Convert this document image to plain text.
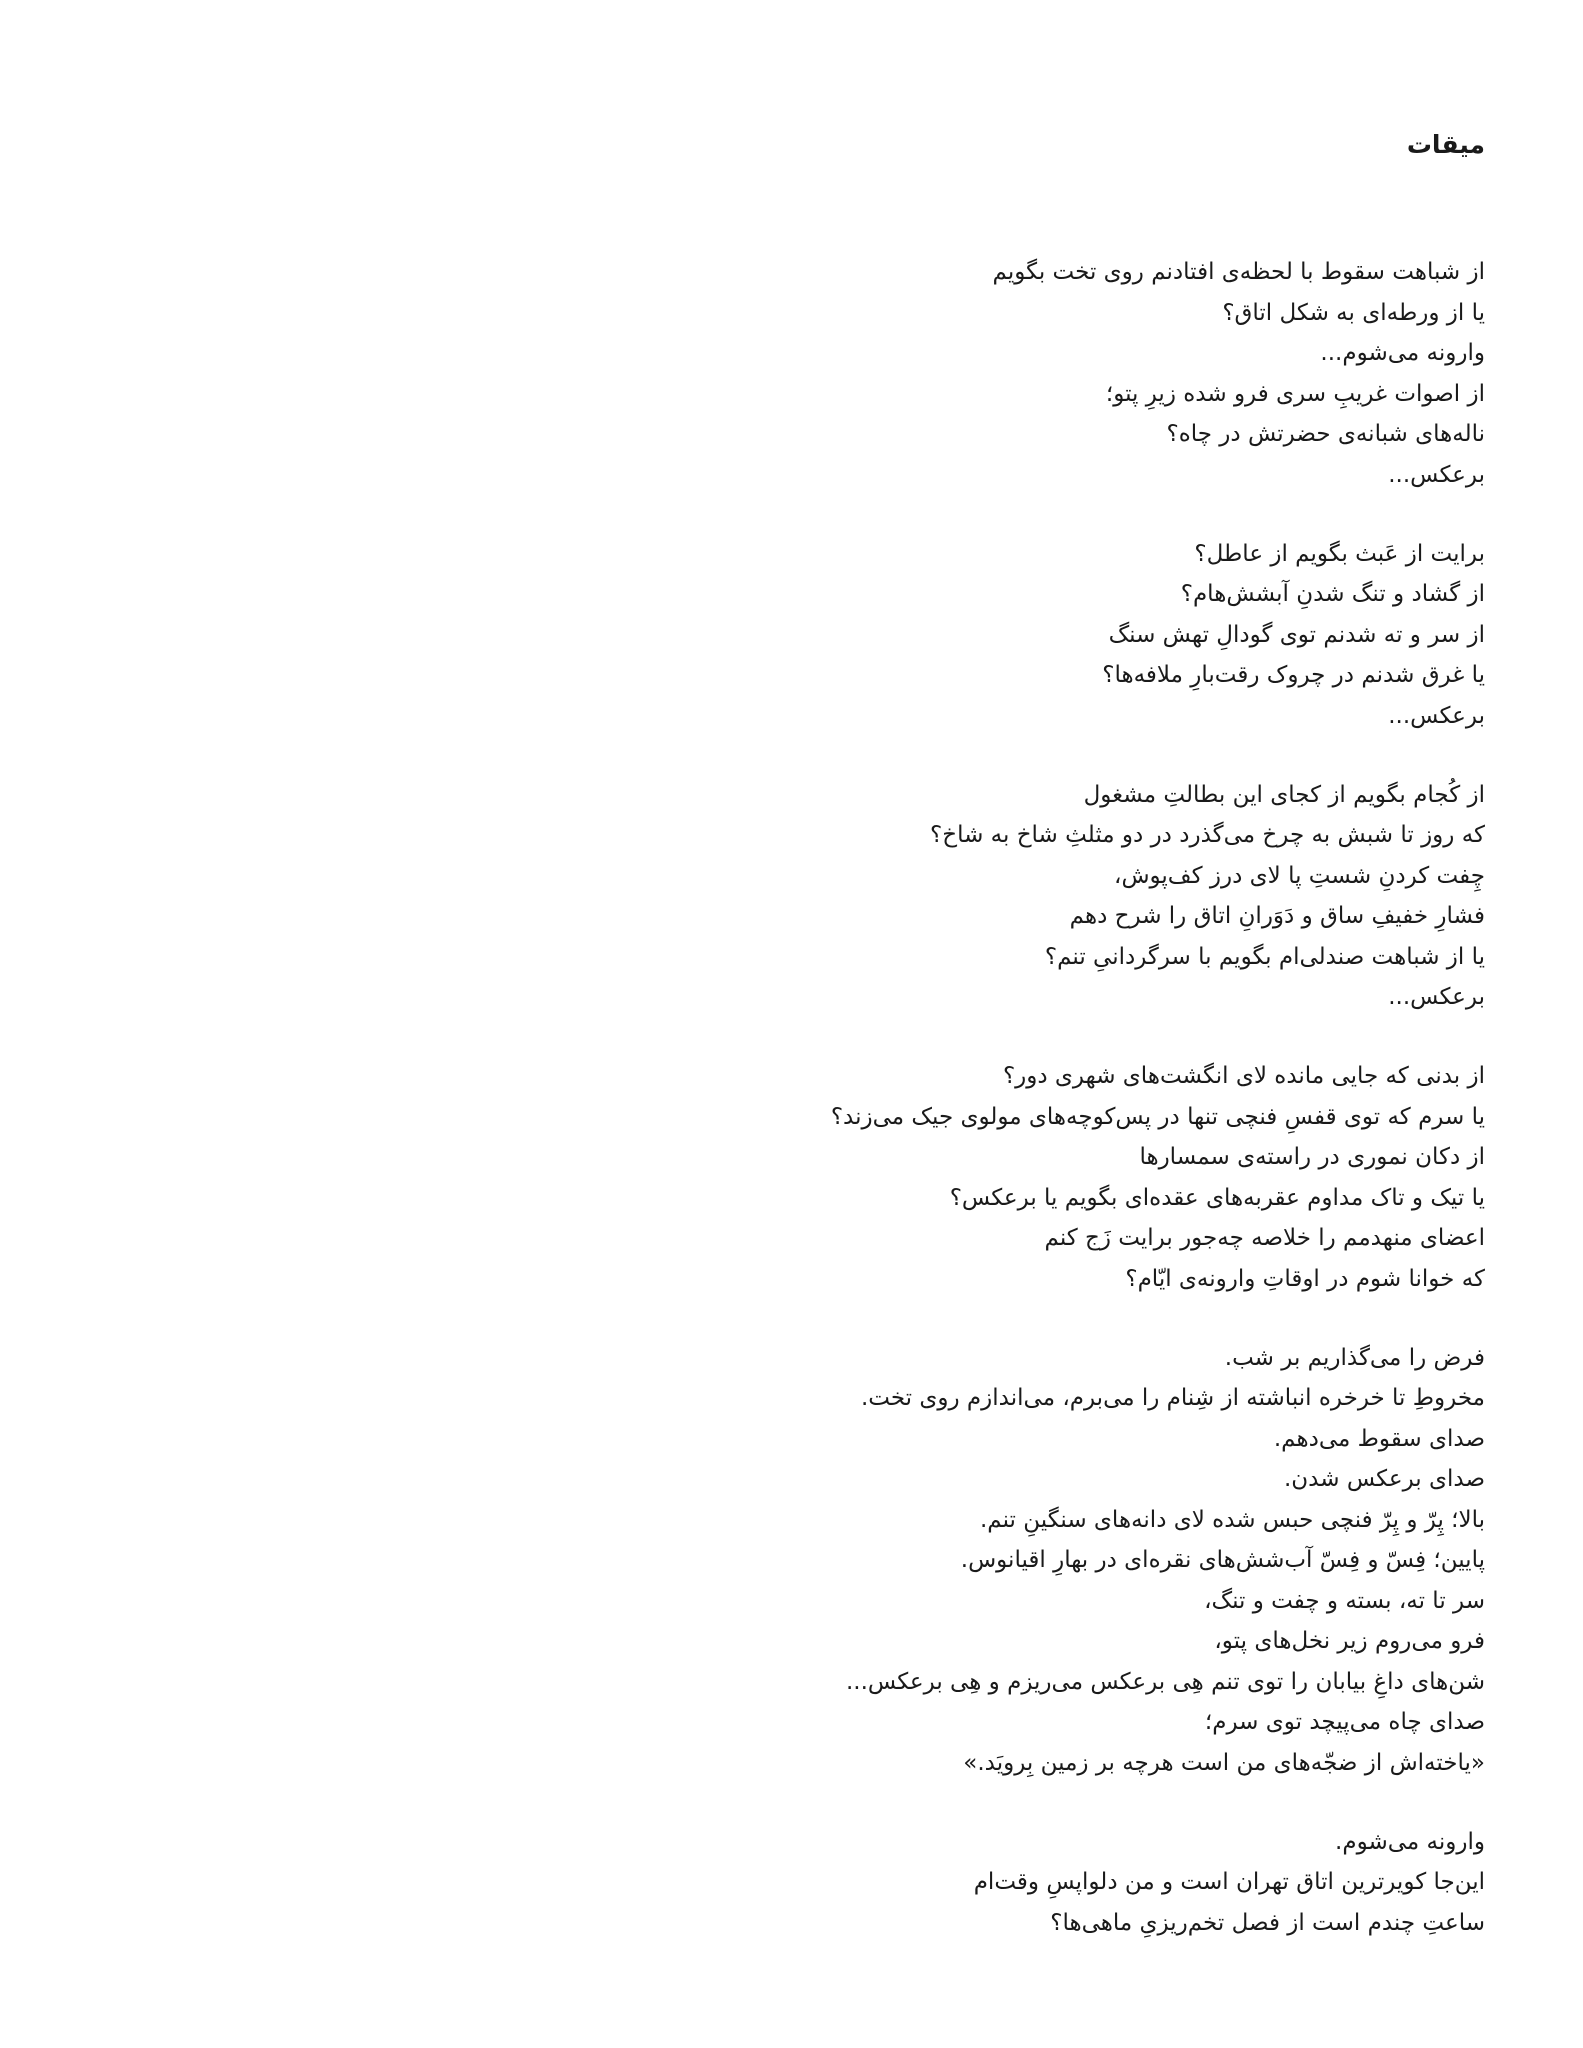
میقات
از شباهت سقوط با لحظه‌ی افتادنم روی تخت بگویم
یا از ورطه‌ای به شکل اتاق؟
وارونه می‌شوم...
از اصوات غریبِ سری فرو شده زیرِ پتو؛
ناله‌های شبانه‌ی حضرتش در چاه؟
برعکس...
برایت از عَبث بگویم از عاطل؟
از گشاد و تنگ شدنِ آبشش‌هام؟
از سر و ته شدنم توی گودالِ تهش سنگ
یا غرق شدنم در چروک رقت‌بارِ ملافه‌ها؟
برعکس...
از کُجام بگویم از کجای این بطالتِ مشغول
که روز تا شبش به چرخ می‌گذرد در دو مثلثِ شاخ به شاخ؟
چِفت کردنِ شستِ پا لای درز کف‌پوش،
فشارِ خفیفِ ساق و دَوَرانِ اتاق را شرح دهم
یا از شباهت صندلی‌ام بگویم با سرگردانیِ تنم؟
برعکس...
از بدنی که جایی مانده لای انگشت‌های شهری دور؟
یا سرم که توی قفسِ فنچی تنها در پس‌کوچه‌های مولوی جیک می‌زند؟
از دکان نموری در راسته‌ی سمسارها
یا تیک و تاک مداوم عقربه‌های عقده‌ای بگویم یا برعکس؟
اعضای منهدمم را خلاصه چه‌جور برایت زَج کنم
که خوانا شوم در اوقاتِ وارونه‌ی ایّام؟
فرض را می‌گذاریم بر شب.
مخروطِ تا خرخره انباشته از شِنام را می‌برم، می‌اندازم روی تخت.
صدای سقوط می‌دهم.
صدای برعکس شدن.
بالا؛ پِرّ و پِرّ فنچی حبس شده لای دانه‌های سنگینِ تنم.
پایین؛ فِسّ و فِسّ آب‌شش‌های نقره‌ای در بهارِ اقیانوس.
سر تا ته، بسته و چفت و تنگ،
فرو می‌روم زیر نخل‌های پتو،
شن‌های داغِ بیابان را توی تنم هِی برعکس می‌ریزم و هِی برعکس...
صدای چاه می‌پیچد توی سرم؛
«یاخته‌اش از ضجّه‌های من است هرچه بر زمین بِرویَد.»
وارونه می‌شوم.
این‌جا کویرترین اتاق تهران است و من دلواپسِ وقت‌ام
ساعتِ چندم است از فصل تخم‌ریزیِ ماهی‌ها؟
